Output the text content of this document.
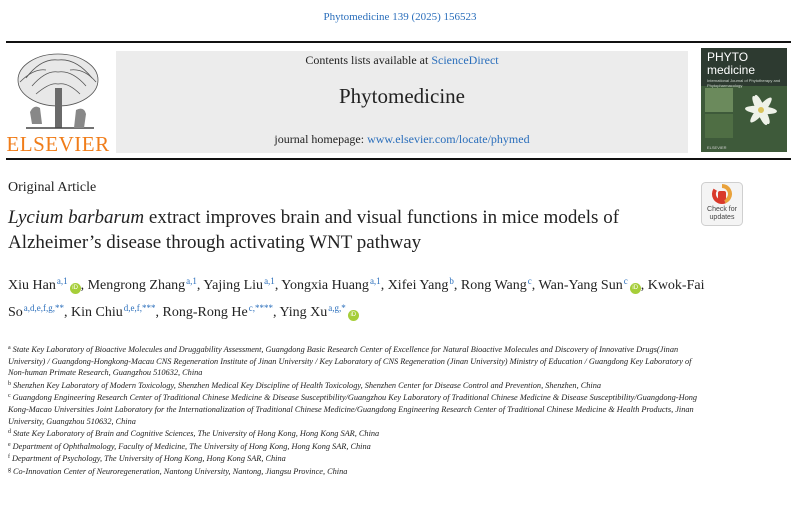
Phytomedicine 139 (2025) 156523
ELSEVIER
Contents lists available at ScienceDirect
Phytomedicine
journal homepage: www.elsevier.com/locate/phymed
PHYTO
medicine
International Journal of Phytotherapy and Phytopharmacology
ELSEVIER
Original Article
Lycium barbarum extract improves brain and visual functions in mice models of Alzheimer’s disease through activating WNT pathway
Check for
updates
Xiu Han$^{a,1}$iD , Mengrong Zhang$^{a,1}$, Yajing Liu$^{a,1}$, Yongxia Huang$^{a,1}$, Xifei Yang$^b$, Rong Wang$^c$, Wan-Yang Sun$^c$iD , Kwok-Fai $So^{a,d,e,f,g,**}$, Kin Chiu$^{d,e,f,***}$, Rong-Rong $He^{c,****}$, Ying $Xu^{a,g,*}iD$
$^a$ State Key Laboratory of Bioactive Molecules and Druggability Assessment, Guangdong Basic Research Center of Excellence for Natural Bioactive Molecules and Discovery of Innovative Drugs(Jinan University) / Guangdong-Hongkong-Macau CNS Regeneration Institute of Jinan University / Key Laboratory of CNS Regeneration (Jinan University) Ministry of Education / Guangdong Key Laboratory of Non-human Primate Research, Guangzhou 510632, China
$^b$ Shenzhen Key Laboratory of Modern Toxicology, Shenzhen Medical Key Discipline of Health Toxicology, Shenzhen Center for Disease Control and Prevention, Shenzhen, China
$^c$ Guangdong Engineering Research Center of Traditional Chinese Medicine & Disease Susceptibility/Guangzhou Key Laboratory of Traditional Chinese Medicine & Disease Susceptibility/Guangdong-Hong Kong-Macao Universities Joint Laboratory for the Internationalization of Traditional Chinese Medicine/Guangdong Engineering Research Center of Traditional Chinese Medicine & Health Products, Jinan University, Guangzhou 510632, China
$^d$ State Key Laboratory of Brain and Cognitive Sciences, The University of Hong Kong, Hong Kong SAR, China
$^e$ Department of Ophthalmology, Faculty of Medicine, The University of Hong Kong, Hong Kong SAR, China
$^f$ Department of Psychology, The University of Hong Kong, Hong Kong SAR, China
$^g$ Co-Innovation Center of Neuroregeneration, Nantong University, Nantong, Jiangsu Province, China
